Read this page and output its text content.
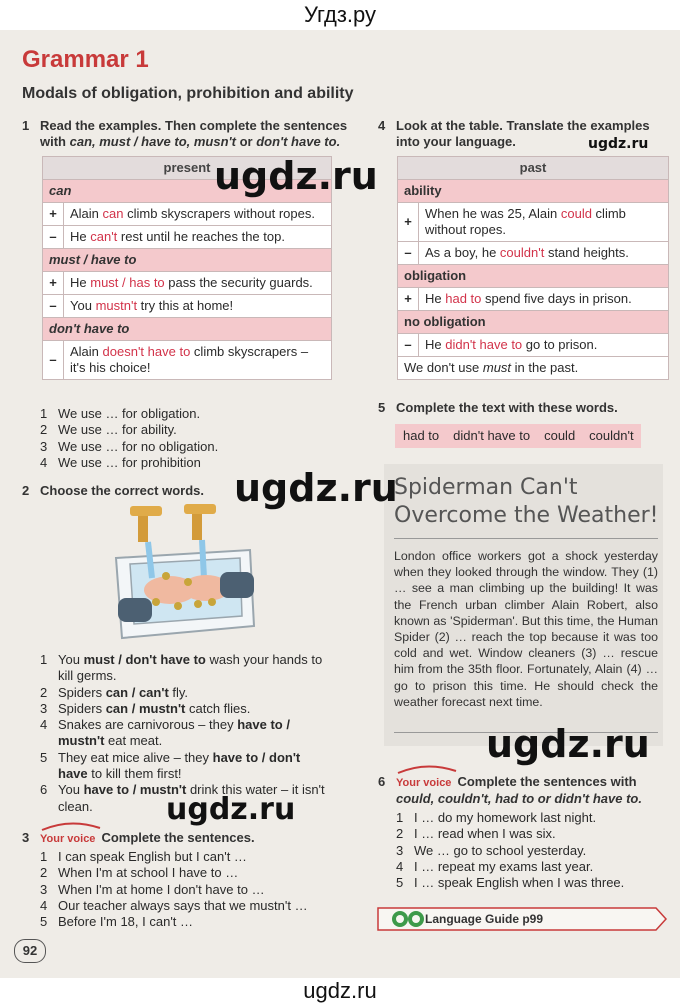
Угдз.ру
Grammar 1
Modals of obligation, prohibition and ability
1 Read the examples. Then complete the sentences
with can, must / have to, musn't or don't have to.
present	
can	
+	Alain can climb skyscrapers without ropes.
–	He can't rest until he reaches the top.
must / have to	
+	He must / has to pass the security guards.
–	You mustn't try this at home!
don't have to	
–	Alain doesn't have to climb skyscrapers – it's his choice!
1 We use … for obligation.
2 We use … for ability.
3 We use … for no obligation.
4 We use … for prohibition
2 Choose the correct words.
1 You must / don't have to wash your hands to
kill germs.
2 Spiders can / can't fly.
3 Spiders can / mustn't catch flies.
4 Snakes are carnivorous – they have to /
mustn't eat meat.
5 They eat mice alive – they have to / don't
have to kill them first!
6 You have to / mustn't drink this water – it isn't
clean.
3 Your voice Complete the sentences.
1 I can speak English but I can't …
2 When I'm at school I have to …
3 When I'm at home I don't have to …
4 Our teacher always says that we mustn't …
5 Before I'm 18, I can't …
4 Look at the table. Translate the examples
into your language.
past	
ability	
+	When he was 25, Alain could climb without ropes.
–	As a boy, he couldn't stand heights.
obligation	
+	He had to spend five days in prison.
no obligation	
–	He didn't have to go to prison.
We don't use must in the past.	
5 Complete the text with these words.
had to didn't have to could couldn't
Spiderman Can't
Overcome the Weather!
London office workers got a shock yesterday when they looked through the window. They (1) … see a man climbing up the building! It was the French urban climber Alain Robert, also known as 'Spiderman'. But this time, the Human Spider (2) … reach the top because it was too cold and wet. Window cleaners (3) … rescue him from the 35th floor. Fortunately, Alain (4) … go to prison this time. He should check the weather forecast next time.
6 Your voice Complete the sentences with
could, couldn't, had to or didn't have to.
1 I … do my homework last night.
2 I … read when I was six.
3 We … go to school yesterday.
4 I … repeat my exams last year.
5 I … speak English when I was three.
Language Guide p99
92
ugdz.ru
ugdz.ru
ugdz.ru
ugdz.ru
ugdz.ru
ugdz.ru
